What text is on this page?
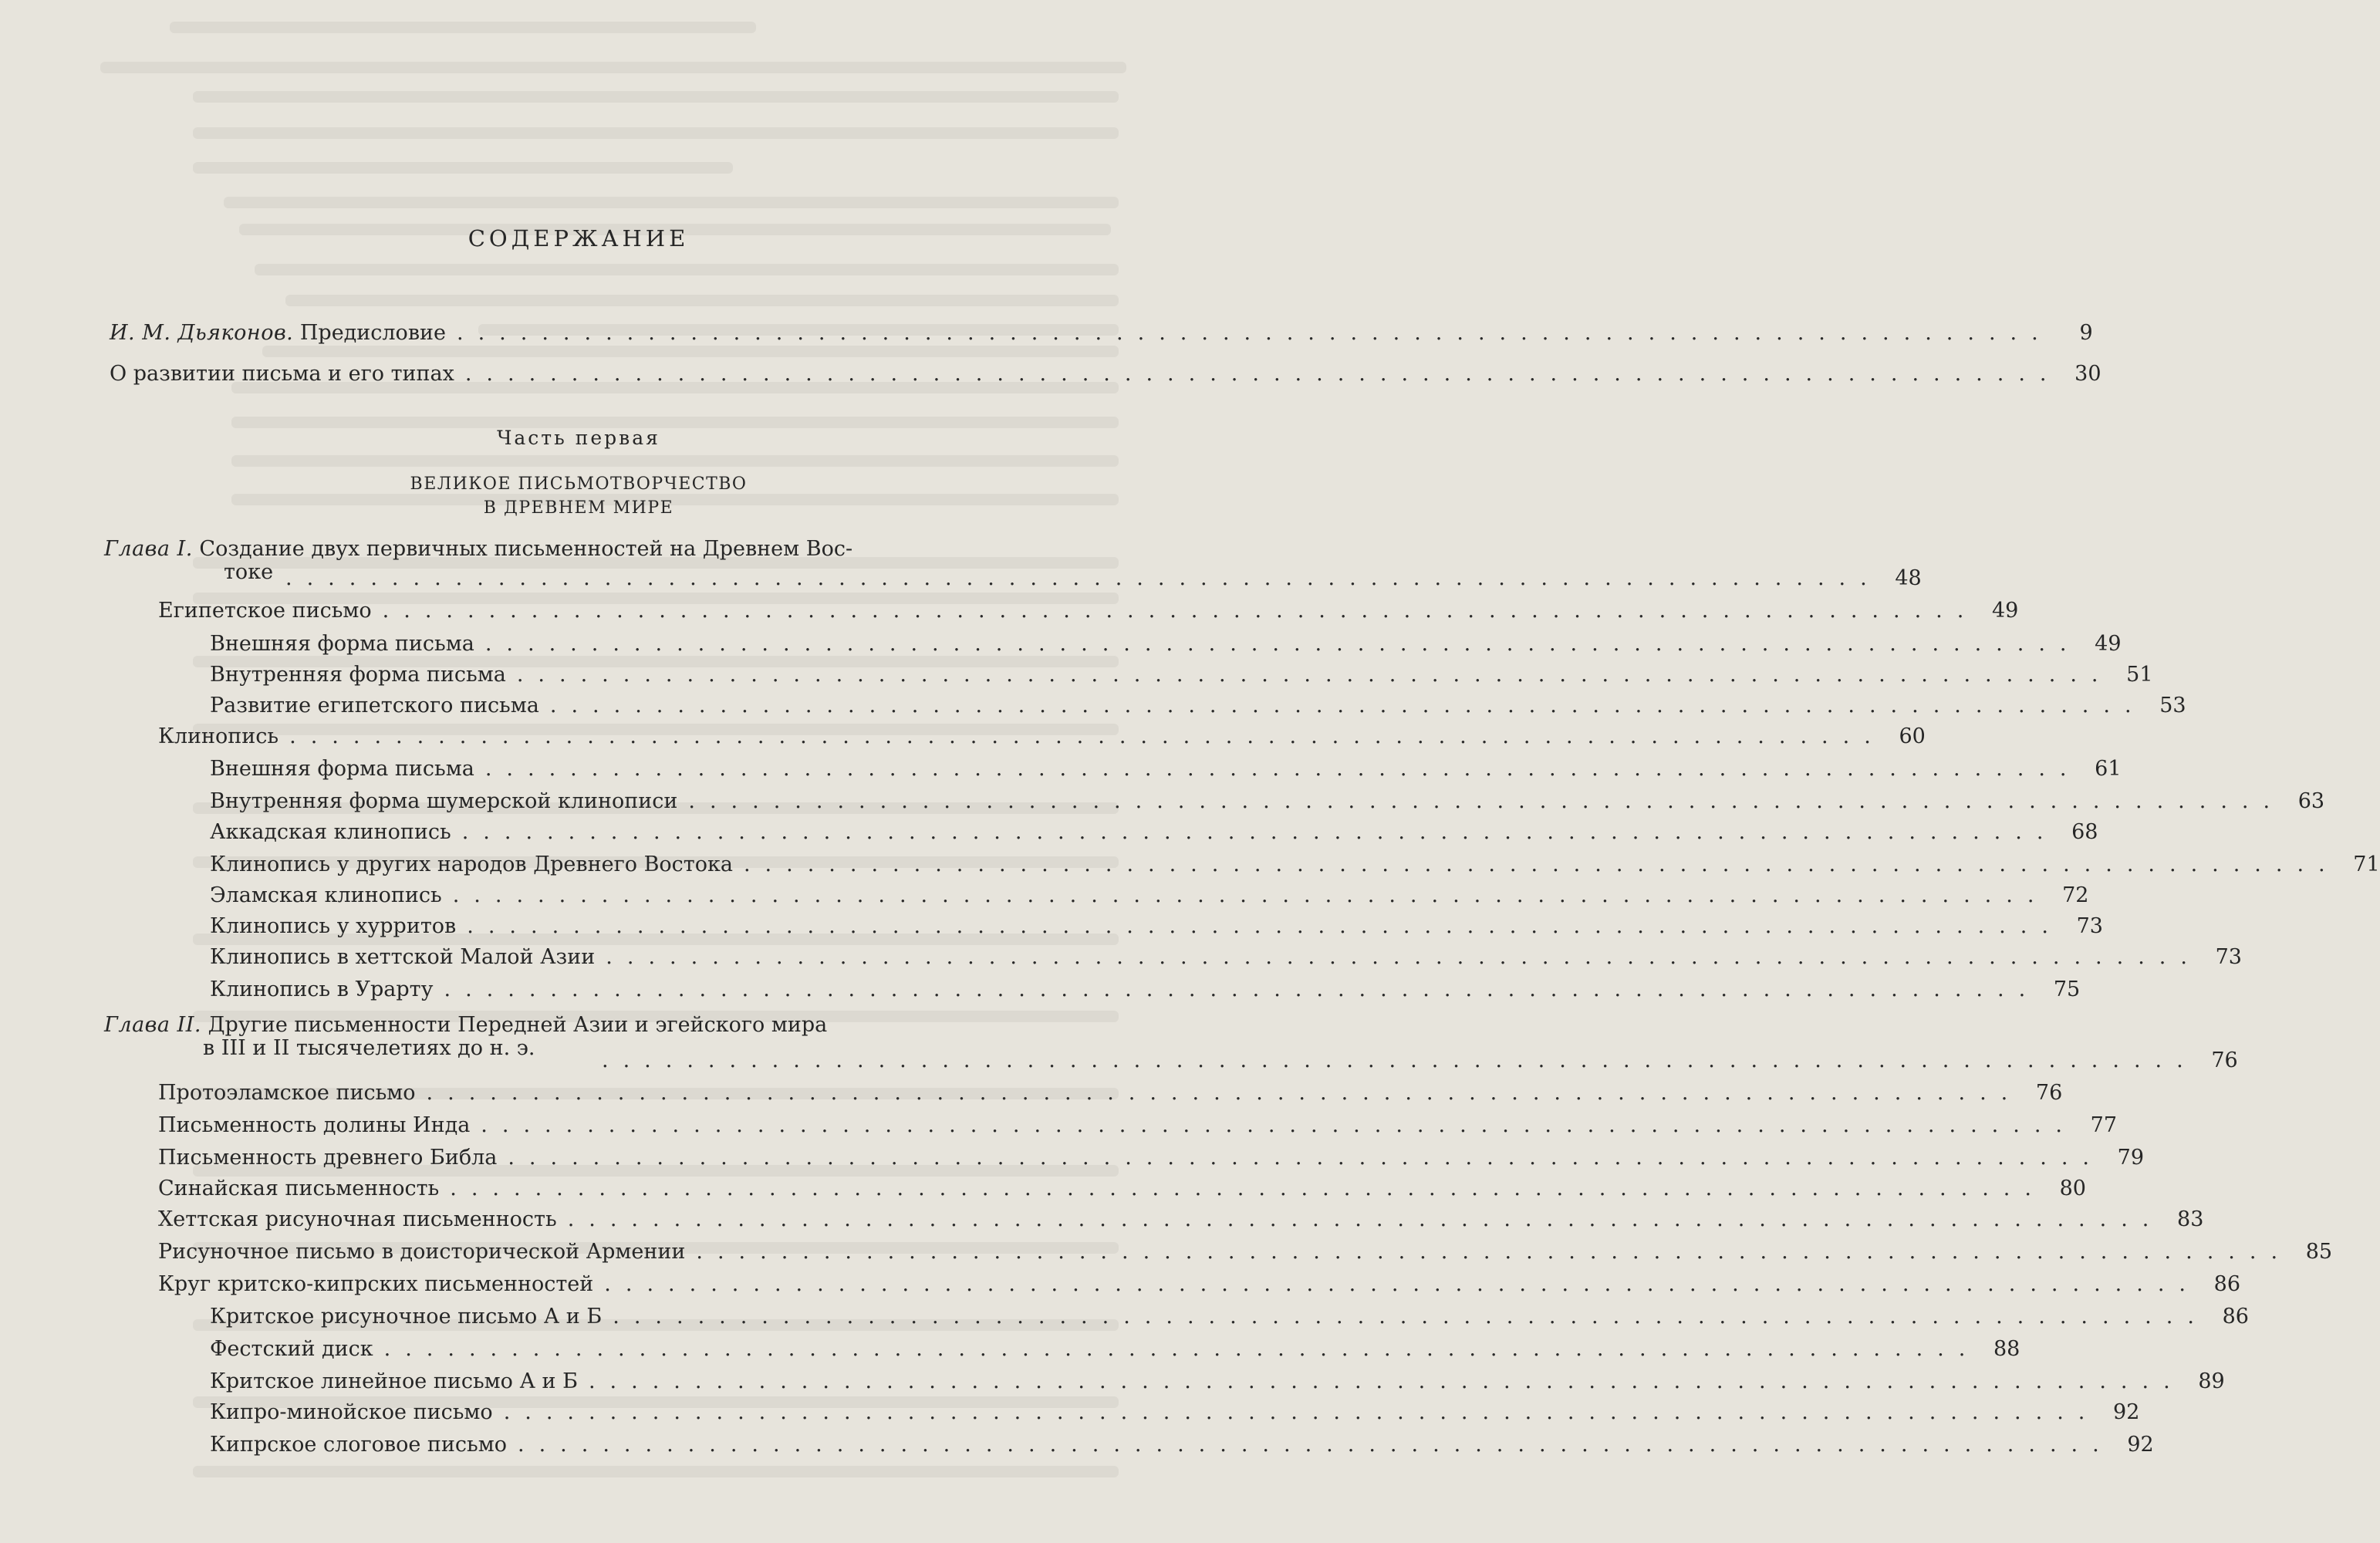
СОДЕРЖАНИЕ
И. М. Дьяконов. Предисловие ...........................................................................	9
О развитии письма и его типах ........................................................................... 30
Часть первая
ВЕЛИКОЕ ПИСЬМОТВОРЧЕСТВО
В ДРЕВНЕМ МИРЕ
Глава I. Создание двух первичных письменностей на Древнем Вос-
токе ........................................................................... 48
Египетское письмо ........................................................................... 49
Внешняя форма письма ........................................................................... 49
Внутренняя форма письма ........................................................................... 51
Развитие египетского письма ........................................................................... 53
Клинопись ........................................................................... 60
Внешняя форма письма ........................................................................... 61
Внутренняя форма шумерской клинописи ........................................................................... 63
Аккадская клинопись ........................................................................... 68
Клинопись у других народов Древнего Востока ........................................................................... 71
Эламская клинопись ........................................................................... 72
Клинопись у хурритов ........................................................................... 73
Клинопись в хеттской Малой Азии ........................................................................... 73
Клинопись в Урарту ........................................................................... 75
Глава II. Другие письменности Передней Азии и эгейского мира
в III и II тысячелетиях до н. э.
........................................................................... 76
Протоэламское письмо ........................................................................... 76
Письменность долины Инда ........................................................................... 77
Письменность древнего Библа ........................................................................... 79
Синайская письменность ........................................................................... 80
Хеттская рисуночная письменность ........................................................................... 83
Рисуночное письмо в доисторической Армении ........................................................................... 85
Круг критско-кипрских письменностей ........................................................................... 86
Критское рисуночное письмо А и Б ........................................................................... 86
Фестский диск ........................................................................... 88
Критское линейное письмо А и Б ........................................................................... 89
Кипро-минойское письмо ........................................................................... 92
Кипрское слоговое письмо ........................................................................... 92
